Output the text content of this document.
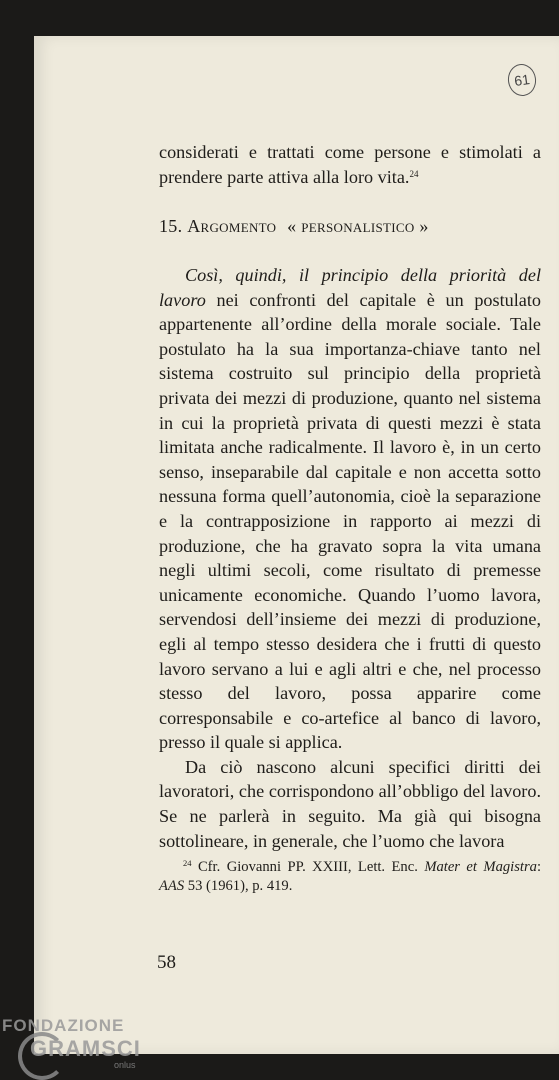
61

considerati e trattati come persone e stimolati a

prendere parte attiva alla loro vita.$^{24}$

15. Argomento « personalistico »

Così, quindi, il principio della priorità del lavoro nei confronti del capitale è un postulato appartenente all’ordine della morale sociale. Tale postulato ha la sua importanza-chiave tanto nel sistema costruito sul principio della proprietà privata dei mezzi di produzione, quanto nel sistema in cui la proprietà privata di questi mezzi è stata limitata anche radicalmente. Il lavoro è, in un certo senso, inseparabile dal capitale e non accetta sotto nessuna forma quell’autonomia, cioè la separazione e la contrapposizione in rapporto ai mezzi di produzione, che ha gravato sopra la vita umana negli ultimi secoli, come risultato di premesse unicamente economiche. Quando l’uomo lavora, servendosi dell’insieme dei mezzi di produzione, egli al tempo stesso desidera che i frutti di questo lavoro servano a lui e agli altri e che, nel processo stesso del lavoro, possa apparire come corresponsabile e co-artefice al banco di lavoro, presso il quale si applica.

Da ciò nascono alcuni specifici diritti dei lavoratori, che corrispondono all’obbligo del lavoro. Se ne parlerà in seguito. Ma già qui bisogna sottolineare, in generale, che l’uomo che lavora

$^{24}$ Cfr. Giovanni PP. XXIII, Lett. Enc. Mater et Magistra: AAS 53 (1961), p. 419.
58
FONDAZIONE
GRAMSCI
onlus
